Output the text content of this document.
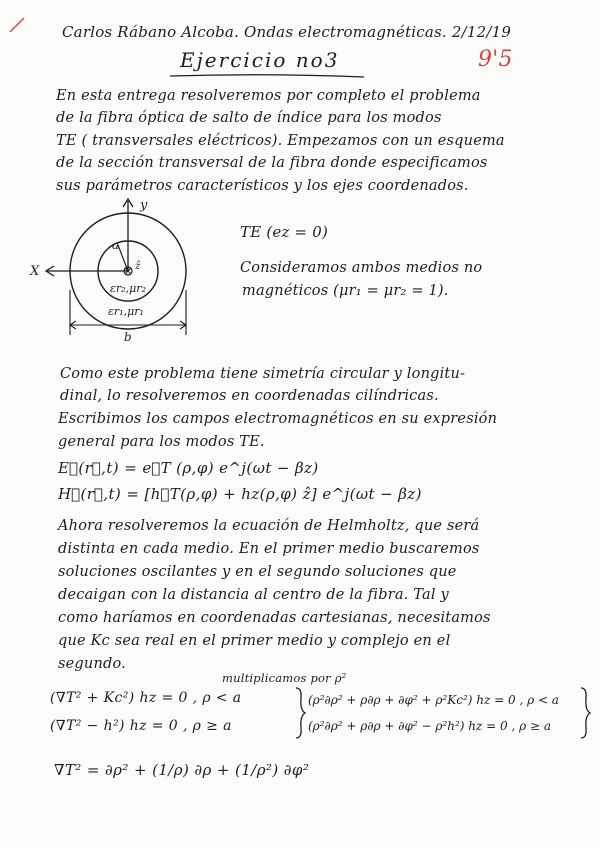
Carlos Rábano Alcoba. Ondas electromagnéticas. 2/12/19
Ejercicio no3	9'5
En esta entrega resolveremos por completo el problema
de la fibra óptica de salto de índice para los modos
TE ( transversales eléctricos). Empezamos con un esquema
de la sección transversal de la fibra donde especificamos
sus parámetros característicos y los ejes coordenados.
y
X
a
ẑ
εr₂,μr₂
εr₁,μr₁
b
TE (ez = 0)
Consideramos ambos medios no
magnéticos (μr₁ = μr₂ = 1).
Como este problema tiene simetría circular y longitu-
dinal, lo resolveremos en coordenadas cilíndricas.
Escribimos los campos electromagnéticos en su expresión
general para los modos TE.
E⃗(r⃗,t) = e⃗T (ρ,φ) e^j(ωt − βz)
H⃗(r⃗,t) = [h⃗T(ρ,φ) + hz(ρ,φ) ẑ] e^j(ωt − βz)
Ahora resolveremos la ecuación de Helmholtz, que será
distinta en cada medio. En el primer medio buscaremos
soluciones oscilantes y en el segundo soluciones que
decaigan con la distancia al centro de la fibra. Tal y
como haríamos en coordenadas cartesianas, necesitamos
que Kc sea real en el primer medio y complejo en el
segundo.
multiplicamos por ρ²
(∇T² + Kc²) hz = 0 , ρ < a
(∇T² − h²) hz = 0 , ρ ≥ a
(ρ²∂ρ² + ρ∂ρ + ∂φ² + ρ²Kc²) hz = 0 , ρ < a
(ρ²∂ρ² + ρ∂ρ + ∂φ² − ρ²h²) hz = 0 , ρ ≥ a
∇T² = ∂ρ² + (1/ρ) ∂ρ + (1/ρ²) ∂φ²
